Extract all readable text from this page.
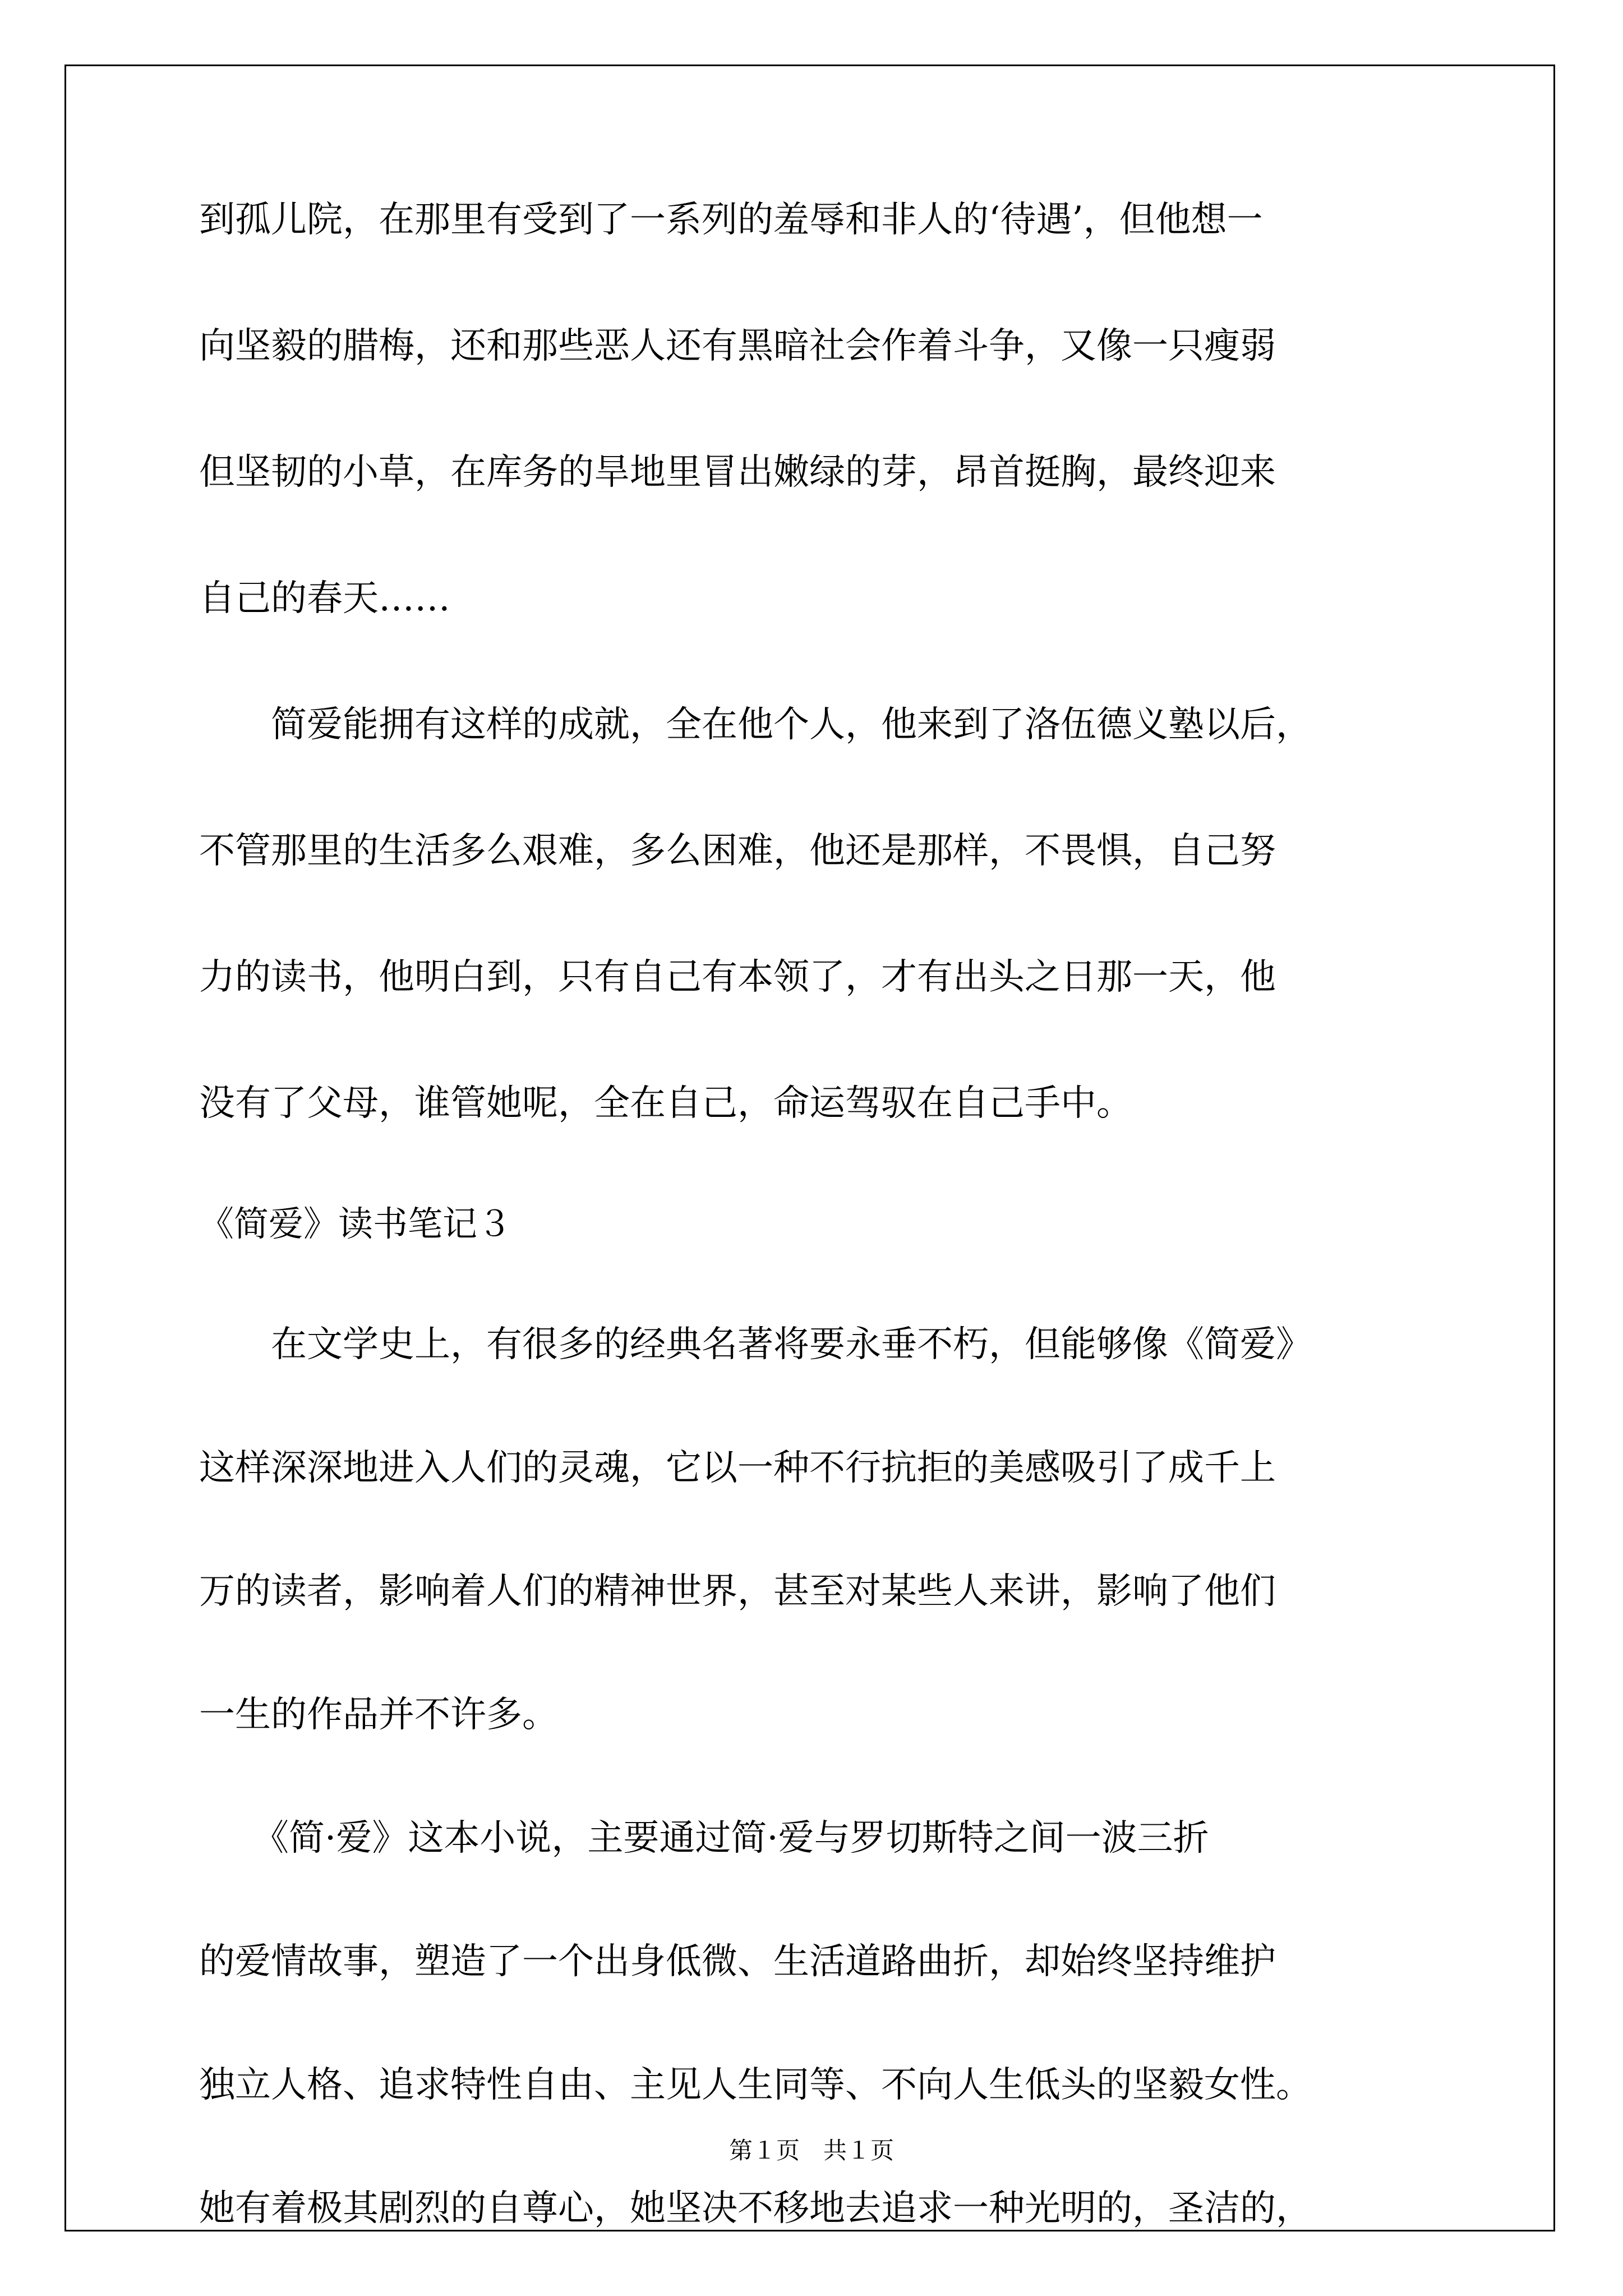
到孤儿院，在那里有受到了一系列的羞辱和非人的‘待遇’，但他想一

向坚毅的腊梅，还和那些恶人还有黑暗社会作着斗争，又像一只瘦弱

但坚韧的小草，在库务的旱地里冒出嫩绿的芽，昂首挺胸，最终迎来

自己的春天……

　　简爱能拥有这样的成就，全在他个人，他来到了洛伍德义塾以后，

不管那里的生活多么艰难，多么困难，他还是那样，不畏惧，自己努

力的读书，他明白到，只有自己有本领了，才有出头之日那一天，他

没有了父母，谁管她呢，全在自己，命运驾驭在自己手中。

《简爱》读书笔记３

　　在文学史上，有很多的经典名著将要永垂不朽，但能够像《简爱》

这样深深地进入人们的灵魂，它以一种不行抗拒的美感吸引了成千上

万的读者，影响着人们的精神世界，甚至对某些人来讲，影响了他们

一生的作品并不许多。

　　《简·爱》这本小说，主要通过简·爱与罗切斯特之间一波三折

的爱情故事，塑造了一个出身低微、生活道路曲折，却始终坚持维护

独立人格、追求特性自由、主见人生同等、不向人生低头的坚毅女性。

她有着极其剧烈的自尊心，她坚决不移地去追求一种光明的，圣洁的，

第１页　共１页
